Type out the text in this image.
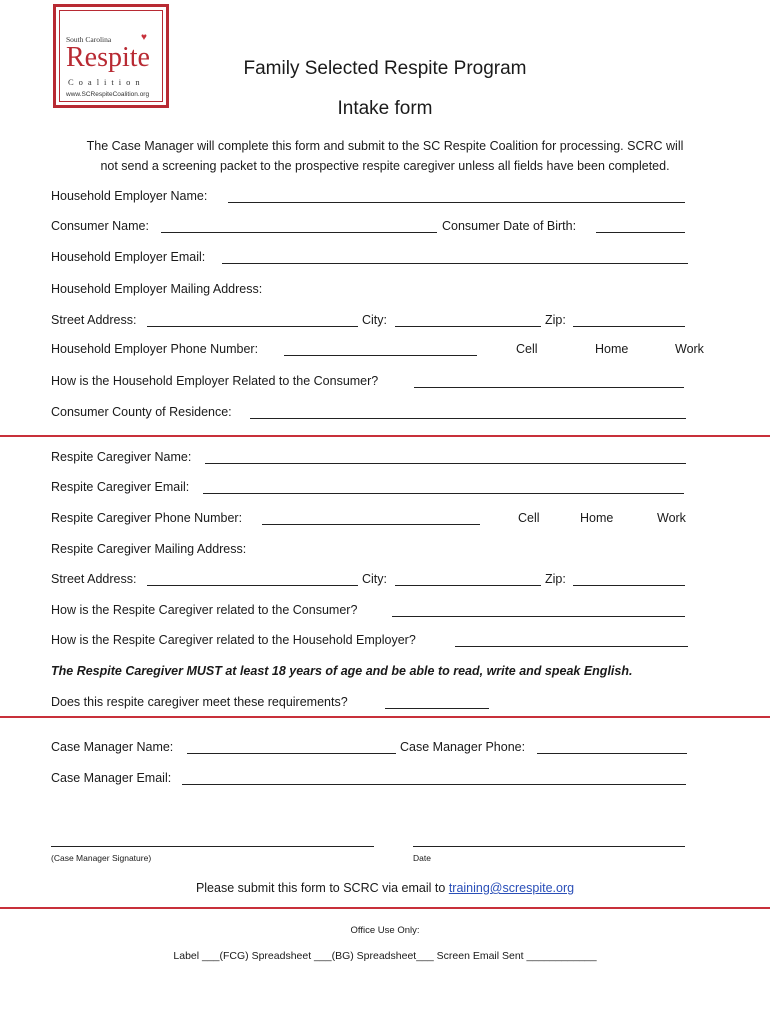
South Carolina	♥
Respite
Coalition
www.SCRespiteCoalition.org
Family Selected Respite Program
Intake form
The Case Manager will complete this form and submit to the SC Respite Coalition for processing. SCRC will
not send a screening packet to the prospective respite caregiver unless all fields have been completed.
Household Employer Name:
Consumer Name:	Consumer Date of Birth:
Household Employer Email:
Household Employer Mailing Address:
Street Address:	City:	Zip:
Household Employer Phone Number:	Cell	Home	Work
How is the Household Employer Related to the Consumer?
Consumer County of Residence:
Respite Caregiver Name:
Respite Caregiver Email:
Respite Caregiver Phone Number:	Cell	Home	Work
Respite Caregiver Mailing Address:
Street Address:	City:	Zip:
How is the Respite Caregiver related to the Consumer?
How is the Respite Caregiver related to the Household Employer?
The Respite Caregiver MUST at least 18 years of age and be able to read, write and speak English.
Does this respite caregiver meet these requirements?
Case Manager Name:	Case Manager Phone:
Case Manager Email:
(Case Manager Signature)	Date
Please submit this form to SCRC via email to training@screspite.org
Office Use Only:
Label ___(FCG) Spreadsheet ___(BG) Spreadsheet___ Screen Email Sent ____________
